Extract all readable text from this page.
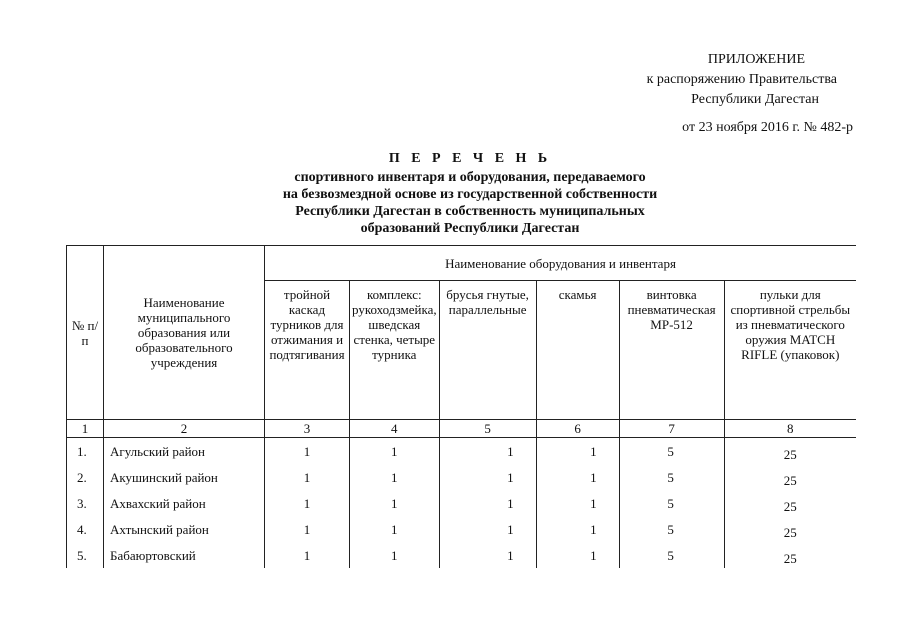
ПРИЛОЖЕНИЕ
к распоряжению Правительства
Республики Дагестан
от 23 ноября 2016 г. № 482-р
П Е Р Е Ч Е Н Ь
спортивного инвентаря и оборудования, передаваемого
на безвозмездной основе из государственной собственности
Республики Дагестан в собственность муниципальных
образований Республики Дагестан
№ п/п	Наименование муниципального образования или образовательного учреждения	Наименование оборудования и инвентаря					
		тройной каскад турников для отжимания и подтягивания	комплекс: рукоходзмейка, шведская стенка, четыре турника	брусья гнутые, параллельные	скамья	винтовка пневматическая МР-512	пульки для спортивной стрельбы из пневматического оружия MATCH RIFLE (упаковок)
1	2	3	4	5	6	7	8
1.	Агульский район	1	1	1	1	5	25
2.	Акушинский район	1	1	1	1	5	25
3.	Ахвахский район	1	1	1	1	5	25
4.	Ахтынский район	1	1	1	1	5	25
5.	Бабаюртовский	1	1	1	1	5	25
